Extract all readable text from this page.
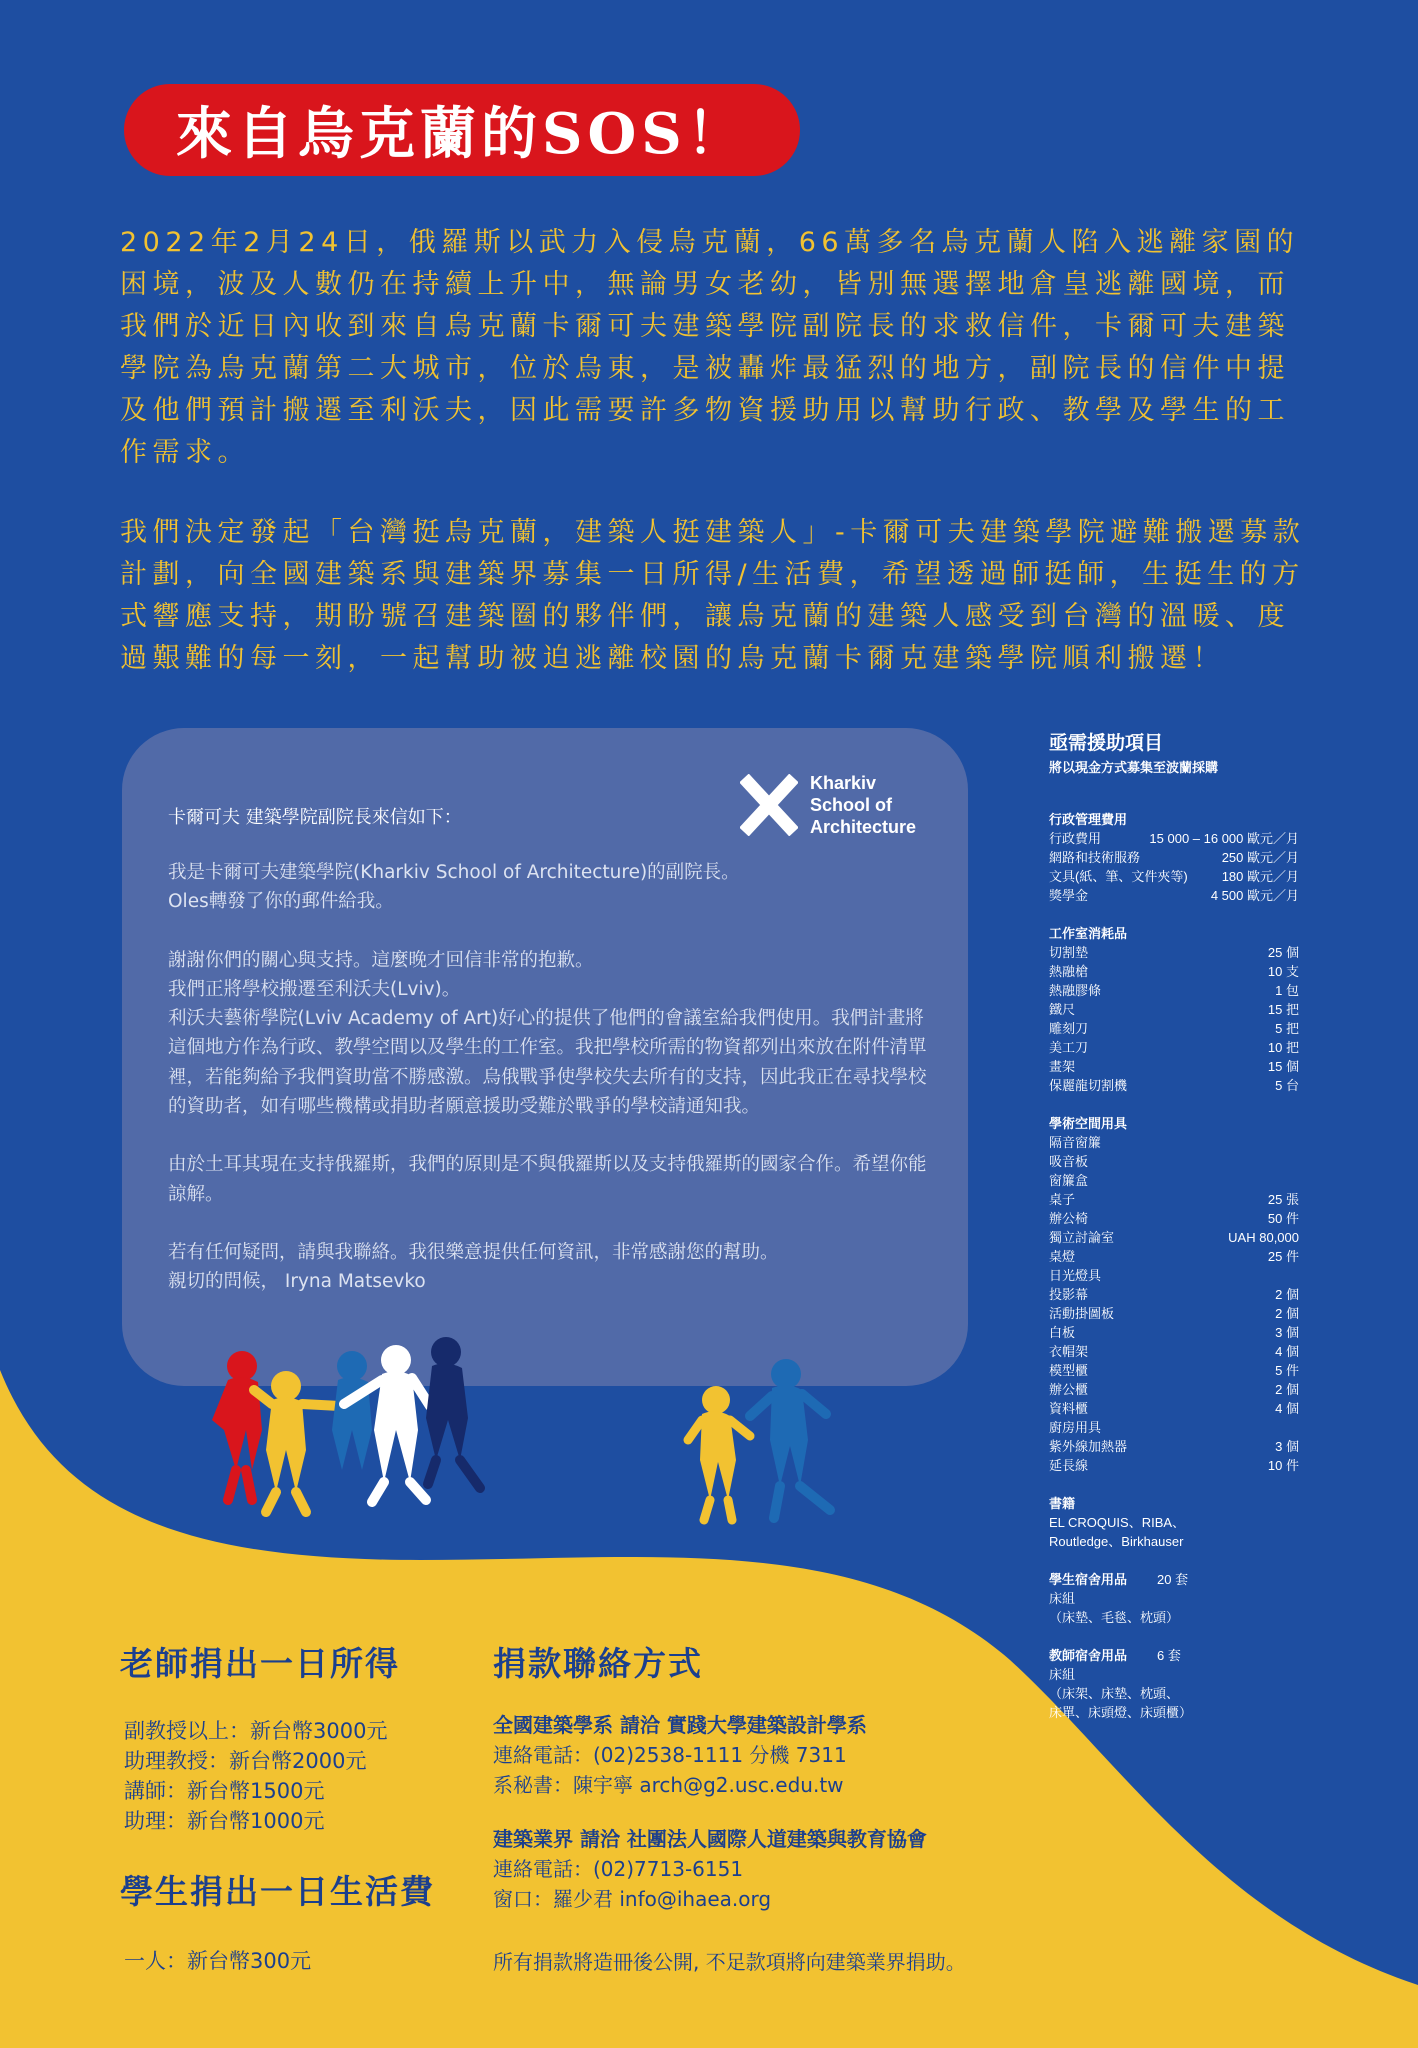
來自烏克蘭的SOS！

2022年2月24日，俄羅斯以武力入侵烏克蘭，66萬多名烏克蘭人陷入逃離家園的困境，波及人數仍在持續上升中，無論男女老幼，皆別無選擇地倉皇逃離國境，而我們於近日內收到來自烏克蘭卡爾可夫建築學院副院長的求救信件，卡爾可夫建築學院為烏克蘭第二大城市，位於烏東，是被轟炸最猛烈的地方，副院長的信件中提及他們預計搬遷至利沃夫，因此需要許多物資援助用以幫助行政、教學及學生的工作需求。

我們決定發起「台灣挺烏克蘭，建築人挺建築人」-卡爾可夫建築學院避難搬遷募款計劃，向全國建築系與建築界募集一日所得/生活費，希望透過師挺師，生挺生的方式響應支持，期盼號召建築圈的夥伴們，讓烏克蘭的建築人感受到台灣的溫暖、度過艱難的每一刻，一起幫助被迫逃離校園的烏克蘭卡爾克建築學院順利搬遷！

Kharkiv
School of
Architecture
卡爾可夫 建築學院副院長來信如下：

我是卡爾可夫建築學院(Kharkiv School of Architecture)的副院長。

Oles轉發了你的郵件給我。

謝謝你們的關心與支持。這麼晚才回信非常的抱歉。

我們正將學校搬遷至利沃夫(Lviv)。

利沃夫藝術學院(Lviv Academy of Art)好心的提供了他們的會議室給我們使用。我們計畫將這個地方作為行政、教學空間以及學生的工作室。我把學校所需的物資都列出來放在附件清單裡，若能夠給予我們資助當不勝感激。烏俄戰爭使學校失去所有的支持，因此我正在尋找學校的資助者，如有哪些機構或捐助者願意援助受難於戰爭的學校請通知我。

由於土耳其現在支持俄羅斯，我們的原則是不與俄羅斯以及支持俄羅斯的國家合作。希望你能諒解。

若有任何疑問，請與我聯絡。我很樂意提供任何資訊，非常感謝您的幫助。

親切的問候， Iryna Matsevko

亟需援助項目

將以現金方式募集至波蘭採購

行政管理費用
行政費用	15 000 – 16 000 歐元／月
網路和技術服務	250 歐元／月
文具(紙、筆、文件夾等)	180 歐元／月
獎學金	4 500 歐元／月
工作室消耗品
切割墊	25 個
熱融槍	10 支
熱融膠條	1 包
鐵尺	15 把
雕刻刀	5 把
美工刀	10 把
畫架	15 個
保麗龍切割機	5 台
學術空間用具
隔音窗簾
吸音板
窗簾盒
桌子	25 張
辦公椅	50 件
獨立討論室	UAH 80,000
桌燈	25 件
日光燈具
投影幕	2 個
活動掛圖板	2 個
白板	3 個
衣帽架	4 個
模型櫃	5 件
辦公櫃	2 個
資料櫃	4 個
廚房用具
紫外線加熱器	3 個
延長線	10 件
書籍
EL CROQUIS、RIBA、
Routledge、Birkhauser
學生宿舍用品 20 套
床組
（床墊、毛毯、枕頭）
教師宿舍用品 6 套
床組
（床架、床墊、枕頭、
床單、床頭燈、床頭櫃）
老師捐出一日所得
副教授以上：新台幣3000元
助理教授：新台幣2000元
講師：新台幣1500元
助理：新台幣1000元
學生捐出一日生活費
一人：新台幣300元
捐款聯絡方式
全國建築學系 請洽 實踐大學建築設計學系
連絡電話：(02)2538-1111 分機 7311
系秘書：陳宇寧 arch@g2.usc.edu.tw
建築業界 請洽 社團法人國際人道建築與教育協會
連絡電話：(02)7713-6151
窗口：羅少君 info@ihaea.org
所有捐款將造冊後公開, 不足款項將向建築業界捐助。
